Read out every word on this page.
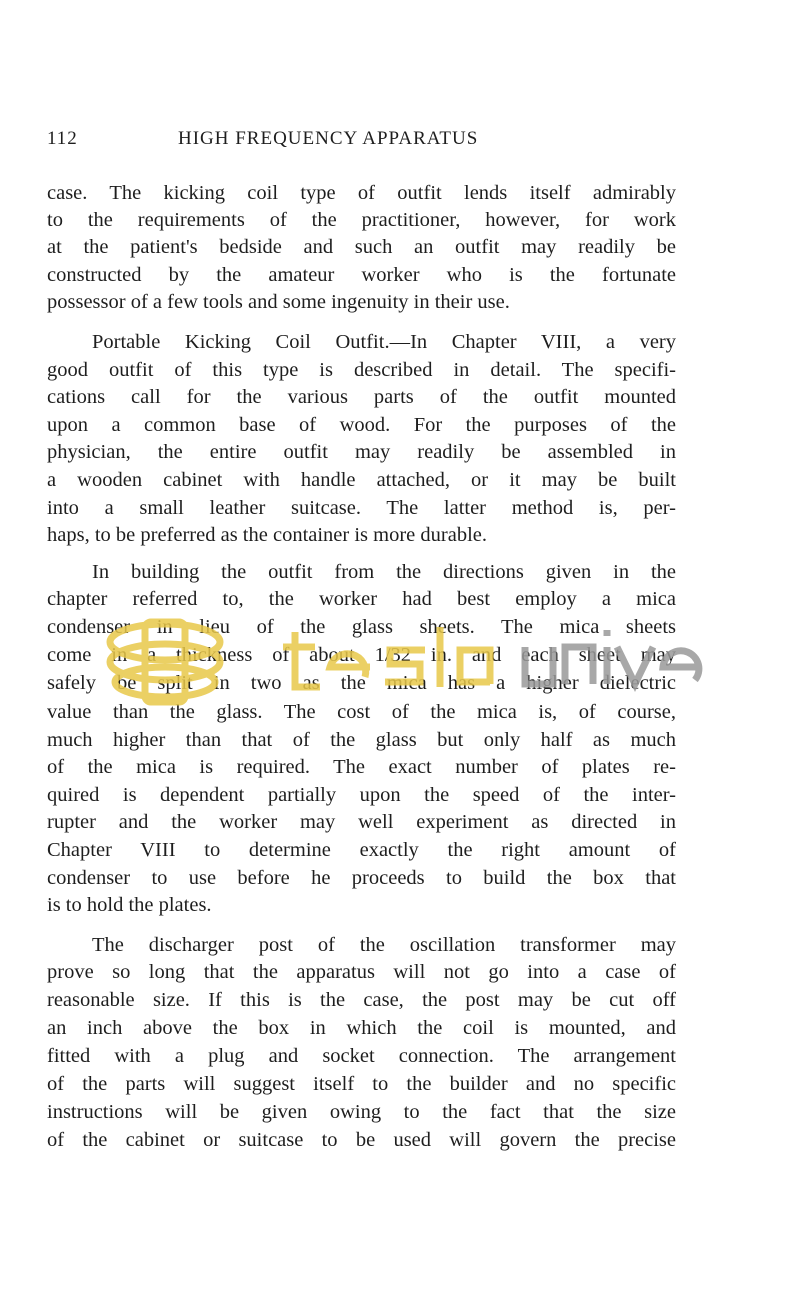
112	HIGH FREQUENCY APPARATUS
case. The kicking coil type of outfit lends itself admirably
to the requirements of the practitioner, however, for work
at the patient's bedside and such an outfit may readily be
constructed by the amateur worker who is the fortunate
possessor of a few tools and some ingenuity in their use.
Portable Kicking Coil Outfit.—In Chapter VIII, a very
good outfit of this type is described in detail. The specifi-
cations call for the various parts of the outfit mounted
upon a common base of wood. For the purposes of the
physician, the entire outfit may readily be assembled in
a wooden cabinet with handle attached, or it may be built
into a small leather suitcase. The latter method is, per-
haps, to be preferred as the container is more durable.
In building the outfit from the directions given in the
chapter referred to, the worker had best employ a mica
condenser in lieu of the glass sheets. The mica sheets
come in a thickness of about 1/32 in. and each sheet may
safely be split in two as the mica has a higher dielectric
value than the glass. The cost of the mica is, of course,
much higher than that of the glass but only half as much
of the mica is required. The exact number of plates re-
quired is dependent partially upon the speed of the inter-
rupter and the worker may well experiment as directed in
Chapter VIII to determine exactly the right amount of
condenser to use before he proceeds to build the box that
is to hold the plates.
The discharger post of the oscillation transformer may
prove so long that the apparatus will not go into a case of
reasonable size. If this is the case, the post may be cut off
an inch above the box in which the coil is mounted, and
fitted with a plug and socket connection. The arrangement
of the parts will suggest itself to the builder and no specific
instructions will be given owing to the fact that the size
of the cabinet or suitcase to be used will govern the precise
